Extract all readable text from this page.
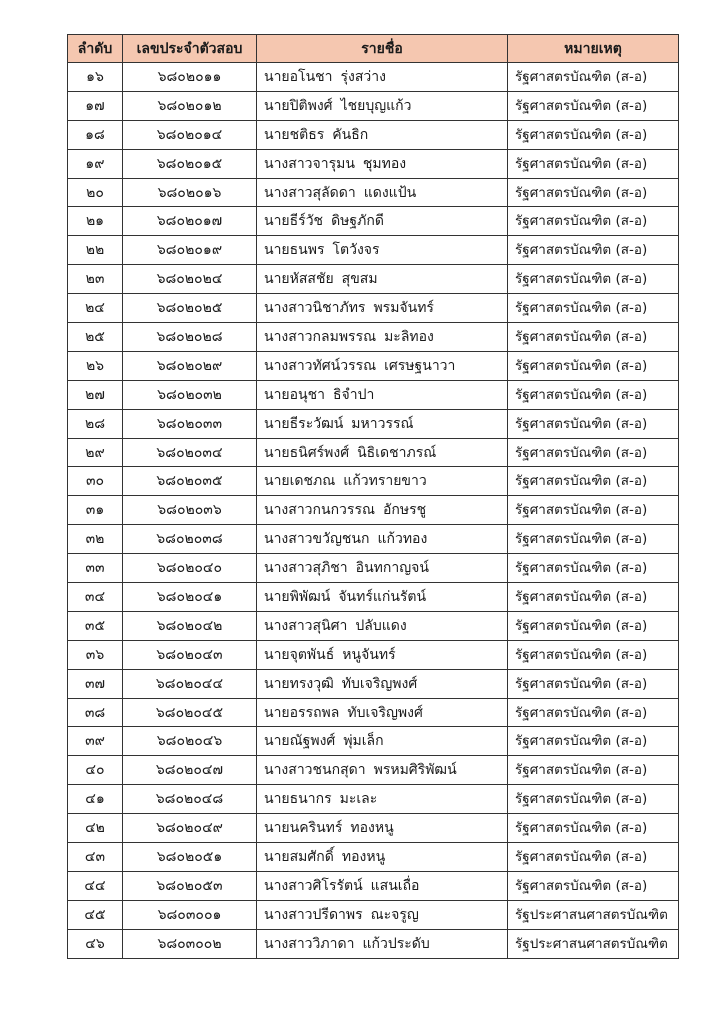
ลำดับ	เลขประจำตัวสอบ	รายชื่อ	หมายเหตุ
๑๖	๖๘๐๒๐๑๑	นายอโนชา รุ่งสว่าง	รัฐศาสตรบัณฑิต (ส-อ)
๑๗	๖๘๐๒๐๑๒	นายปิติพงศ์ ไชยบุญแก้ว	รัฐศาสตรบัณฑิต (ส-อ)
๑๘	๖๘๐๒๐๑๔	นายชติธร คันธิก	รัฐศาสตรบัณฑิต (ส-อ)
๑๙	๖๘๐๒๐๑๕	นางสาวจารุมน ชุมทอง	รัฐศาสตรบัณฑิต (ส-อ)
๒๐	๖๘๐๒๐๑๖	นางสาวสุลัดดา แดงแป้น	รัฐศาสตรบัณฑิต (ส-อ)
๒๑	๖๘๐๒๐๑๗	นายธีร์วัช ดิษฐภักดี	รัฐศาสตรบัณฑิต (ส-อ)
๒๒	๖๘๐๒๐๑๙	นายธนพร โตวังจร	รัฐศาสตรบัณฑิต (ส-อ)
๒๓	๖๘๐๒๐๒๔	นายหัสสชัย สุขสม	รัฐศาสตรบัณฑิต (ส-อ)
๒๔	๖๘๐๒๐๒๕	นางสาวนิชาภัทร พรมจันทร์	รัฐศาสตรบัณฑิต (ส-อ)
๒๕	๖๘๐๒๐๒๘	นางสาวกลมพรรณ มะลิทอง	รัฐศาสตรบัณฑิต (ส-อ)
๒๖	๖๘๐๒๐๒๙	นางสาวทัศน์วรรณ เศรษฐนาวา	รัฐศาสตรบัณฑิต (ส-อ)
๒๗	๖๘๐๒๐๓๒	นายอนุชา ธิจำปา	รัฐศาสตรบัณฑิต (ส-อ)
๒๘	๖๘๐๒๐๓๓	นายธีระวัฒน์ มหาวรรณ์	รัฐศาสตรบัณฑิต (ส-อ)
๒๙	๖๘๐๒๐๓๔	นายธนิศร์พงศ์ นิธิเดชาภรณ์	รัฐศาสตรบัณฑิต (ส-อ)
๓๐	๖๘๐๒๐๓๕	นายเดชภณ แก้วทรายขาว	รัฐศาสตรบัณฑิต (ส-อ)
๓๑	๖๘๐๒๐๓๖	นางสาวกนกวรรณ อักษรชู	รัฐศาสตรบัณฑิต (ส-อ)
๓๒	๖๘๐๒๐๓๘	นางสาวขวัญชนก แก้วทอง	รัฐศาสตรบัณฑิต (ส-อ)
๓๓	๖๘๐๒๐๔๐	นางสาวสุภิชา อินทกาญจน์	รัฐศาสตรบัณฑิต (ส-อ)
๓๔	๖๘๐๒๐๔๑	นายพิพัฒน์ จันทร์แก่นรัตน์	รัฐศาสตรบัณฑิต (ส-อ)
๓๕	๖๘๐๒๐๔๒	นางสาวสุนิศา ปลับแดง	รัฐศาสตรบัณฑิต (ส-อ)
๓๖	๖๘๐๒๐๔๓	นายจุตพันธ์ หนูจันทร์	รัฐศาสตรบัณฑิต (ส-อ)
๓๗	๖๘๐๒๐๔๔	นายทรงวุฒิ ทับเจริญพงศ์	รัฐศาสตรบัณฑิต (ส-อ)
๓๘	๖๘๐๒๐๔๕	นายอรรถพล ทับเจริญพงศ์	รัฐศาสตรบัณฑิต (ส-อ)
๓๙	๖๘๐๒๐๔๖	นายณัฐพงศ์ พุ่มเล็ก	รัฐศาสตรบัณฑิต (ส-อ)
๔๐	๖๘๐๒๐๔๗	นางสาวชนกสุดา พรหมศิริพัฒน์	รัฐศาสตรบัณฑิต (ส-อ)
๔๑	๖๘๐๒๐๔๘	นายธนากร มะเละ	รัฐศาสตรบัณฑิต (ส-อ)
๔๒	๖๘๐๒๐๔๙	นายนครินทร์ ทองหนู	รัฐศาสตรบัณฑิต (ส-อ)
๔๓	๖๘๐๒๐๕๑	นายสมศักดิ์ ทองหนู	รัฐศาสตรบัณฑิต (ส-อ)
๔๔	๖๘๐๒๐๕๓	นางสาวศิโรรัตน์ แสนเถื่อ	รัฐศาสตรบัณฑิต (ส-อ)
๔๕	๖๘๐๓๐๐๑	นางสาวปรีดาพร ณะจรูญ	รัฐประศาสนศาสตรบัณฑิต
๔๖	๖๘๐๓๐๐๒	นางสาววิภาดา แก้วประดับ	รัฐประศาสนศาสตรบัณฑิต
